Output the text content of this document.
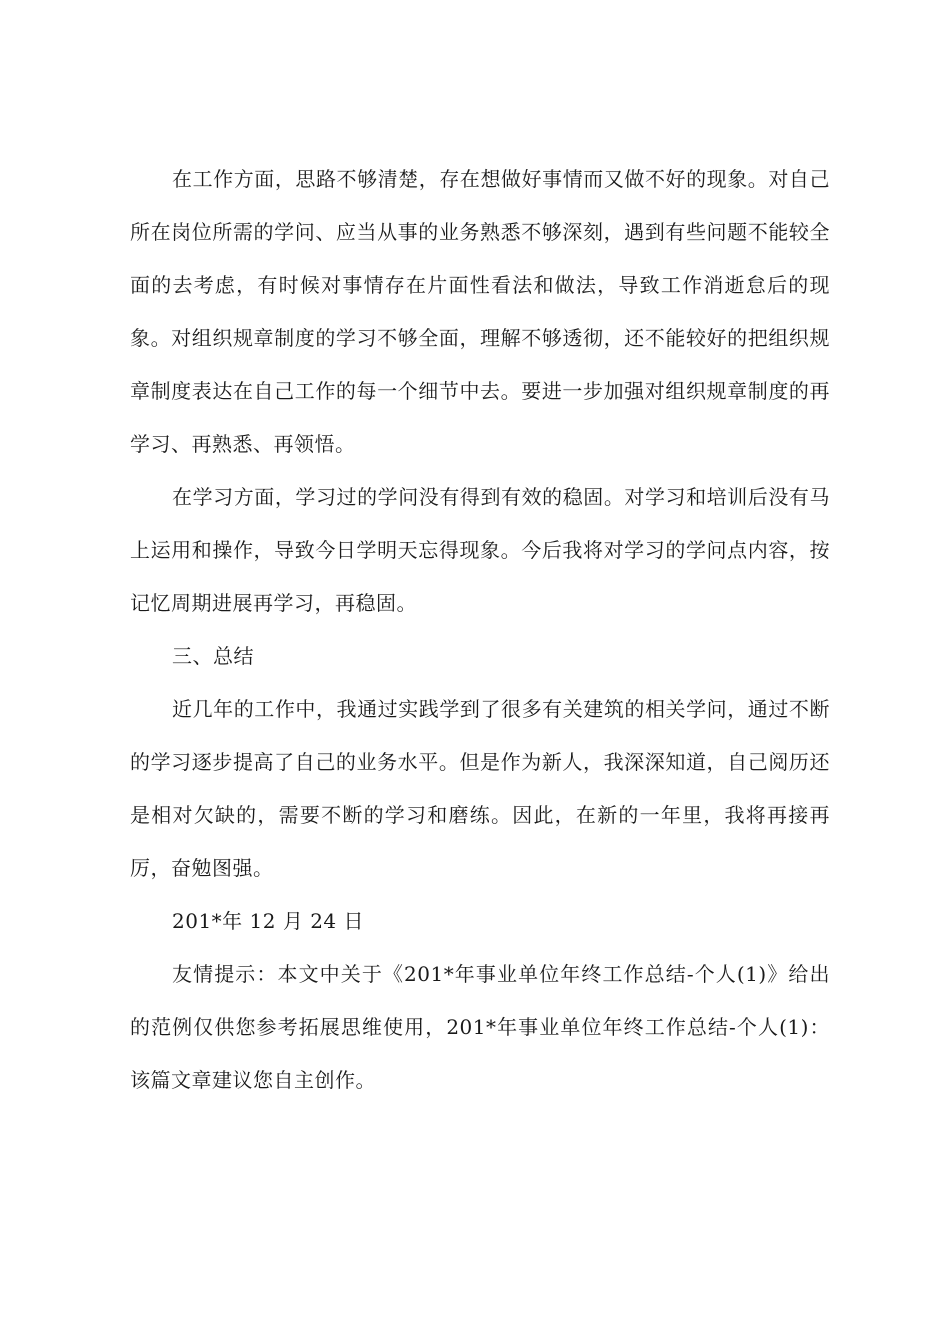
在工作方面，思路不够清楚，存在想做好事情而又做不好的现象。对自己所在岗位所需的学问、应当从事的业务熟悉不够深刻，遇到有些问题不能较全面的去考虑，有时候对事情存在片面性看法和做法，导致工作消逝怠后的现象。对组织规章制度的学习不够全面，理解不够透彻，还不能较好的把组织规章制度表达在自己工作的每一个细节中去。要进一步加强对组织规章制度的再学习、再熟悉、再领悟。

在学习方面，学习过的学问没有得到有效的稳固。对学习和培训后没有马上运用和操作，导致今日学明天忘得现象。今后我将对学习的学问点内容，按记忆周期进展再学习，再稳固。

三、总结

近几年的工作中，我通过实践学到了很多有关建筑的相关学问，通过不断的学习逐步提高了自己的业务水平。但是作为新人，我深深知道，自己阅历还是相对欠缺的，需要不断的学习和磨练。因此，在新的一年里，我将再接再厉，奋勉图强。

201*年 12 月 24 日

友情提示：本文中关于《201*年事业单位年终工作总结-个人(1)》给出的范例仅供您参考拓展思维使用，201*年事业单位年终工作总结-个人(1)：该篇文章建议您自主创作。
